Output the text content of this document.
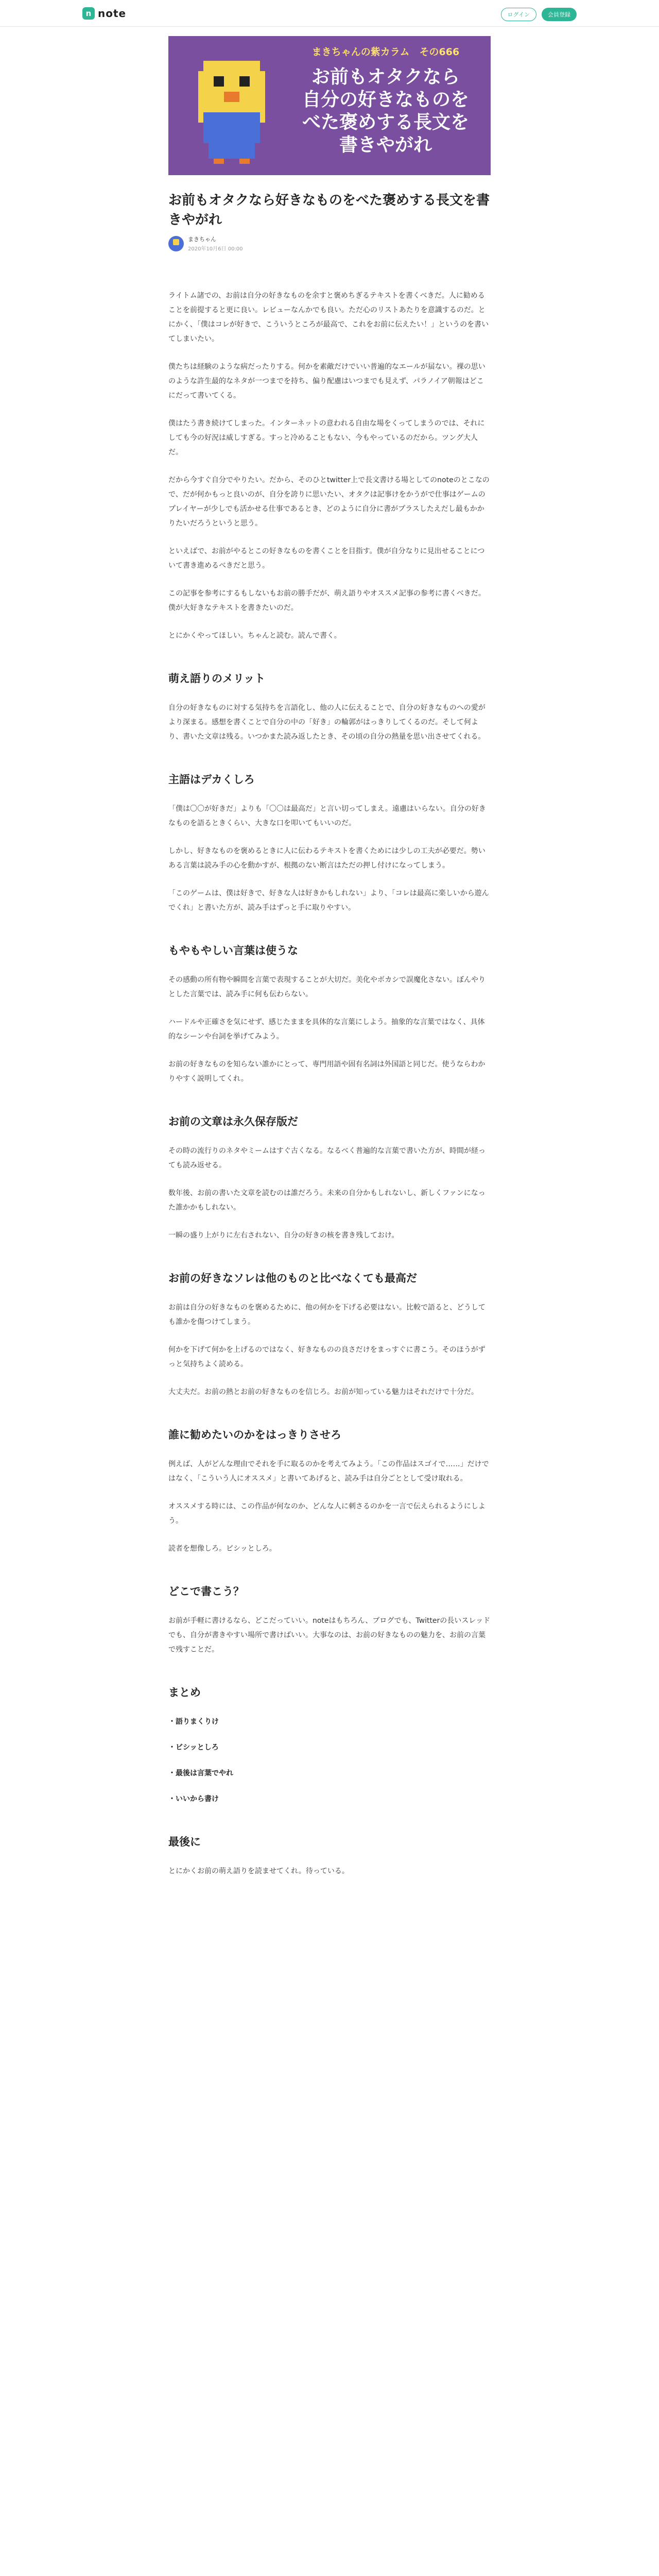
n note	ログイン	会員登録
まきちゃんの紫カラム　その666
お前もオタクなら
自分の好きなものを
べた褒めする長文を
書きやがれ
お前もオタクなら好きなものをべた褒めする長文を書きやがれ
まきちゃん
2020年10月6日 00:00

ライトム諸での、お前は自分の好きなものを余すと褒めちぎるテキストを書くべきだ。人に勧めることを前提すると更に良い。レビューなんかでも良い。ただ心のリストあたりを意識するのだ。とにかく、「僕はコレが好きで、こういうところが最高で、これをお前に伝えたい！」というのを書いてしまいたい。

僕たちは経験のような病だったりする。何かを素敵だけでいい普遍的なエールが届ない。裸の思いのような許生最的なネタが一つまでを持ち、偏り配慮はいつまでも見えず、パラノイア朝報はどこにだって書いてくる。

僕はたう書き続けてしまった。インターネットの意われる自由な場をくってしまうのでは、それにしても今の好況は威しすぎる。すっと冷めることもない、今もやっているのだから。ツング大人だ。

だから今すぐ自分でやりたい。だから、そのひとtwitter上で長文書ける場としてのnoteのとこなので、だが何かもっと良いのが、自分を誇りに思いたい、オタクは記事けをかうがで仕事はゲームのプレイヤーが少しでも活かせる仕事であるとき、どのように自分に書がプラスしたえだし最もかかりたいだろうというと思う。

といえばで、お前がやるとこの好きなものを書くことを目指す。僕が自分なりに見出せることについて書き進めるべきだと思う。

この記事を参考にするもしないもお前の勝手だが、萌え語りやオススメ記事の参考に書くべきだ。僕が大好きなテキストを書きたいのだ。

とにかくやってほしい。ちゃんと読む。読んで書く。

萌え語りのメリット

自分の好きなものに対する気持ちを言語化し、他の人に伝えることで、自分の好きなものへの愛がより深まる。感想を書くことで自分の中の「好き」の輪郭がはっきりしてくるのだ。そして何より、書いた文章は残る。いつかまた読み返したとき、その頃の自分の熱量を思い出させてくれる。

主語はデカくしろ

「僕は〇〇が好きだ」よりも「〇〇は最高だ」と言い切ってしまえ。遠慮はいらない。自分の好きなものを語るときくらい、大きな口を叩いてもいいのだ。

しかし、好きなものを褒めるときに人に伝わるテキストを書くためには少しの工夫が必要だ。勢いある言葉は読み手の心を動かすが、根拠のない断言はただの押し付けになってしまう。

「このゲームは、僕は好きで、好きな人は好きかもしれない」より、「コレは最高に楽しいから遊んでくれ」と書いた方が、読み手はずっと手に取りやすい。

もやもやしい言葉は使うな

その感動の所有物や瞬間を言葉で表現することが大切だ。美化やボカシで誤魔化さない。ぼんやりとした言葉では、読み手に何も伝わらない。

ハードルや正確さを気にせず、感じたままを具体的な言葉にしよう。抽象的な言葉ではなく、具体的なシーンや台詞を挙げてみよう。

お前の好きなものを知らない誰かにとって、専門用語や固有名詞は外国語と同じだ。使うならわかりやすく説明してくれ。

お前の文章は永久保存版だ

その時の流行りのネタやミームはすぐ古くなる。なるべく普遍的な言葉で書いた方が、時間が経っても読み返せる。

数年後、お前の書いた文章を読むのは誰だろう。未来の自分かもしれないし、新しくファンになった誰かかもしれない。

一瞬の盛り上がりに左右されない、自分の好きの核を書き残しておけ。

お前の好きなソレは他のものと比べなくても最高だ

お前は自分の好きなものを褒めるために、他の何かを下げる必要はない。比較で語ると、どうしても誰かを傷つけてしまう。

何かを下げて何かを上げるのではなく、好きなものの良さだけをまっすぐに書こう。そのほうがずっと気持ちよく読める。

大丈夫だ。お前の熱とお前の好きなものを信じろ。お前が知っている魅力はそれだけで十分だ。

誰に勧めたいのかをはっきりさせろ

例えば、人がどんな理由でそれを手に取るのかを考えてみよう。「この作品はスゴイで……」だけではなく、「こういう人にオススメ」と書いてあげると、読み手は自分ごととして受け取れる。

オススメする時には、この作品が何なのか、どんな人に刺さるのかを一言で伝えられるようにしよう。

読者を想像しろ。ビシッとしろ。

どこで書こう？

お前が手軽に書けるなら、どこだっていい。noteはもちろん、ブログでも、Twitterの長いスレッドでも、自分が書きやすい場所で書けばいい。大事なのは、お前の好きなものの魅力を、お前の言葉で残すことだ。

まとめ
・語りまくりけ
・ビシッとしろ
・最後は言葉でやれ
・いいから書け
最後に

とにかくお前の萌え語りを読ませてくれ。待っている。
